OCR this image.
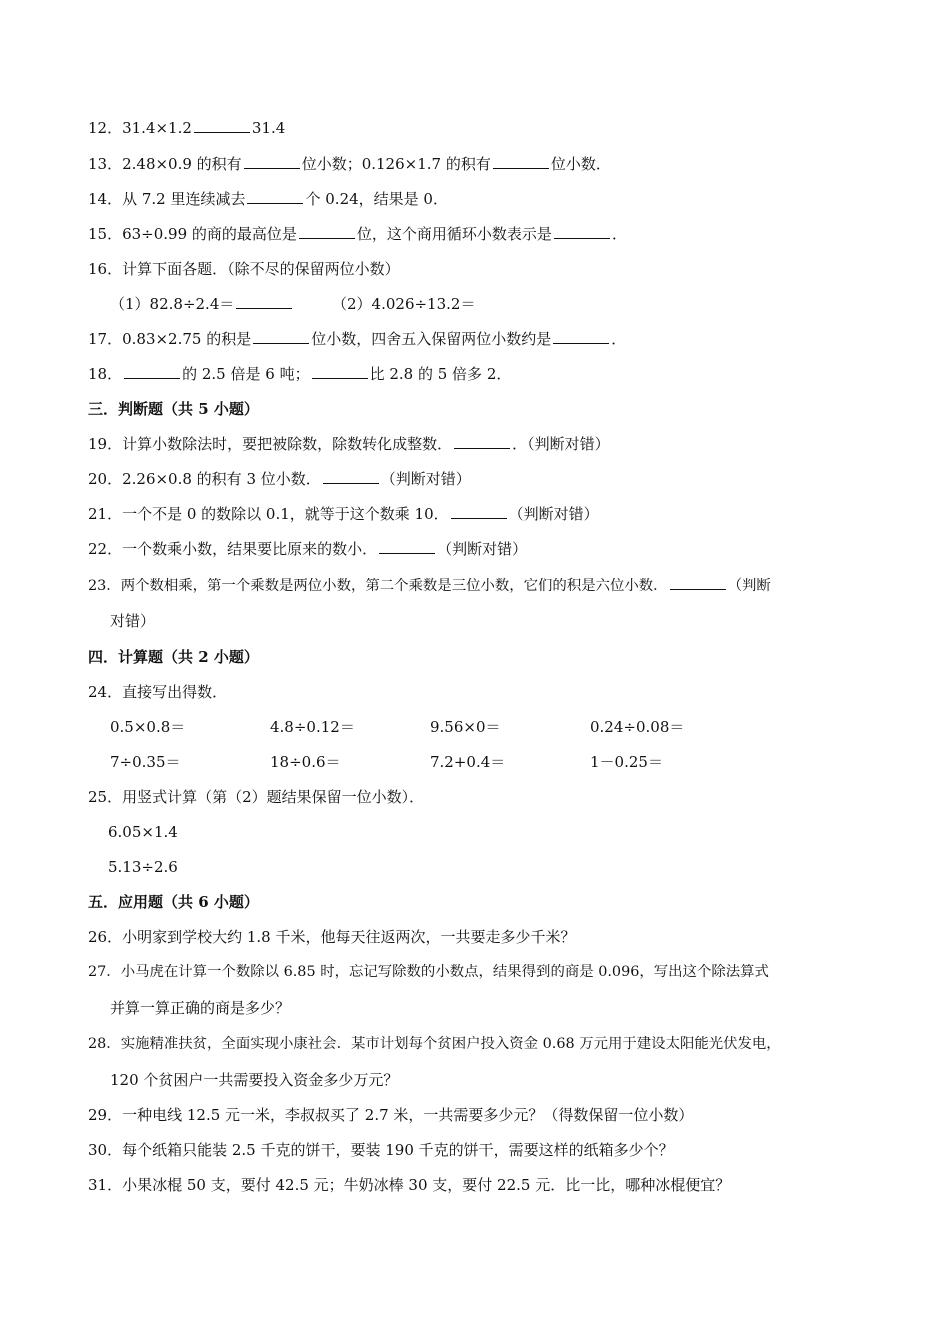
12．31.4×1.2	31.4
13．2.48×0.9 的积有	位小数；0.126×1.7 的积有	位小数．
14．从 7.2 里连续减去	个 0.24，结果是 0．
15．63÷0.99 的商的最高位是	位，这个商用循环小数表示是	．
16．计算下面各题．（除不尽的保留两位小数）
（1）82.8÷2.4＝	（2）4.026÷13.2＝
17．0.83×2.75 的积是	位小数，四舍五入保留两位小数约是	．
18．	的 2.5 倍是 6 吨；	比 2.8 的 5 倍多 2．
三．判断题（共 5 小题）
19．计算小数除法时，要把被除数，除数转化成整数．	．（判断对错）
20．2.26×0.8 的积有 3 位小数．	（判断对错）
21．一个不是 0 的数除以 0.1，就等于这个数乘 10．	（判断对错）
22．一个数乘小数，结果要比原来的数小．	（判断对错）
23．两个数相乘，第一个乘数是两位小数，第二个乘数是三位小数，它们的积是六位小数．	（判断
对错）
四．计算题（共 2 小题）
24．直接写出得数．
0.5×0.8＝	4.8÷0.12＝	9.56×0＝	0.24÷0.08＝
7÷0.35＝	18÷0.6＝	7.2+0.4＝	1－0.25＝
25．用竖式计算（第（2）题结果保留一位小数）．
6.05×1.4
5.13÷2.6
五．应用题（共 6 小题）
26．小明家到学校大约 1.8 千米，他每天往返两次，一共要走多少千米？
27．小马虎在计算一个数除以 6.85 时，忘记写除数的小数点，结果得到的商是 0.096，写出这个除法算式
并算一算正确的商是多少？
28．实施精准扶贫，全面实现小康社会．某市计划每个贫困户投入资金 0.68 万元用于建设太阳能光伏发电，
120 个贫困户一共需要投入资金多少万元？
29．一种电线 12.5 元一米，李叔叔买了 2.7 米，一共需要多少元？（得数保留一位小数）
30．每个纸箱只能装 2.5 千克的饼干，要装 190 千克的饼干，需要这样的纸箱多少个？
31．小果冰棍 50 支，要付 42.5 元；牛奶冰棒 30 支，要付 22.5 元．比一比，哪种冰棍便宜？
